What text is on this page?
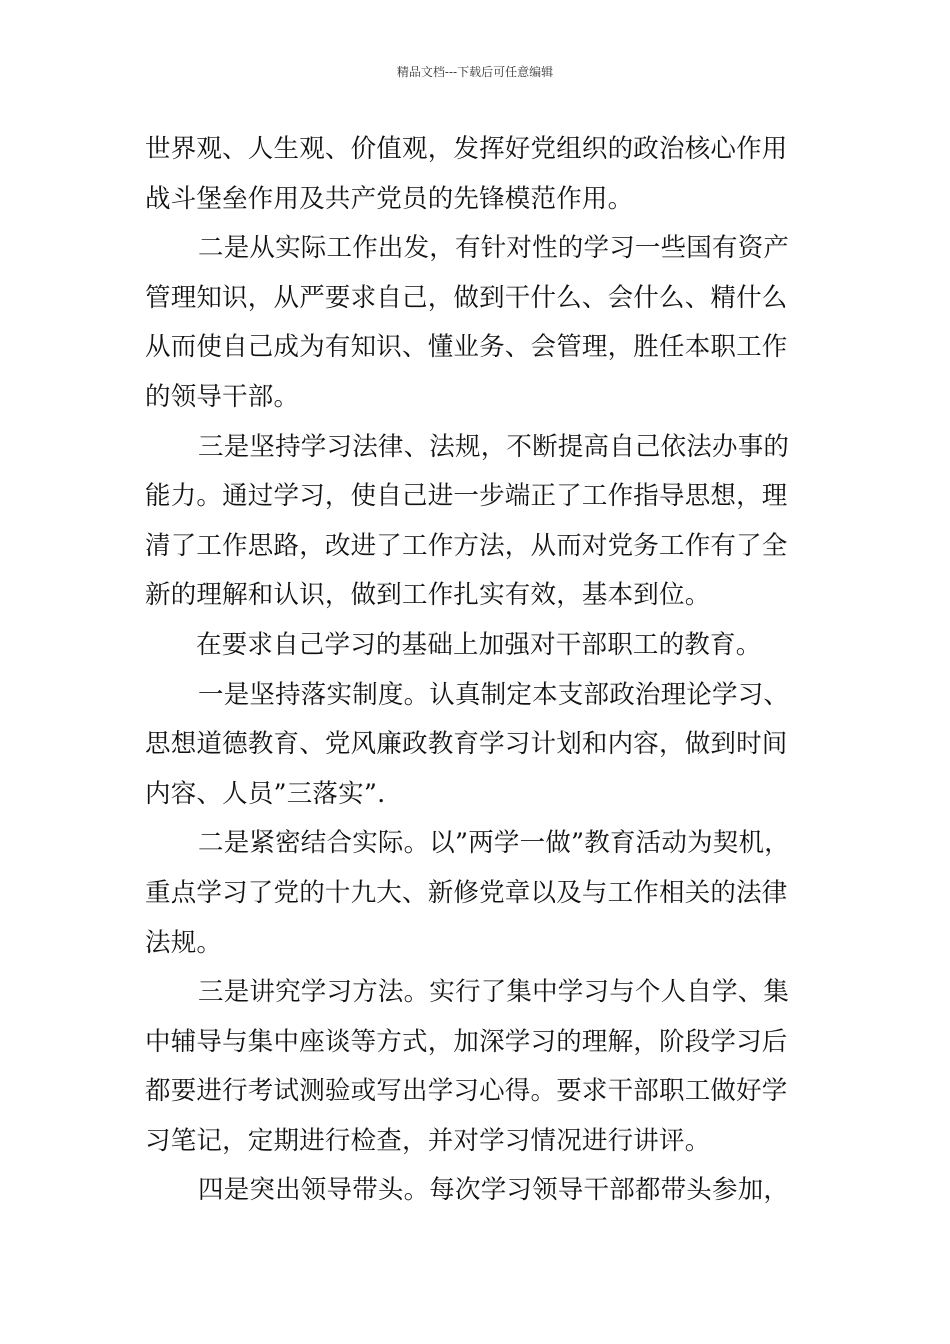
精品文档---下载后可任意编辑
世界观、人生观、价值观，发挥好党组织的政治核心作用
战斗堡垒作用及共产党员的先锋模范作用。
二是从实际工作出发，有针对性的学习一些国有资产
管理知识，从严要求自己，做到干什么、会什么、精什么
从而使自己成为有知识、懂业务、会管理，胜任本职工作
的领导干部。
三是坚持学习法律、法规，不断提高自己依法办事的
能力。通过学习，使自己进一步端正了工作指导思想，理
清了工作思路，改进了工作方法，从而对党务工作有了全
新的理解和认识，做到工作扎实有效，基本到位。
在要求自己学习的基础上加强对干部职工的教育。
一是坚持落实制度。认真制定本支部政治理论学习、
思想道德教育、党风廉政教育学习计划和内容，做到时间
内容、人员”三落实”.
二是紧密结合实际。以”两学一做”教育活动为契机，
重点学习了党的十九大、新修党章以及与工作相关的法律
法规。
三是讲究学习方法。实行了集中学习与个人自学、集
中辅导与集中座谈等方式，加深学习的理解，阶段学习后
都要进行考试测验或写出学习心得。要求干部职工做好学
习笔记，定期进行检查，并对学习情况进行讲评。
四是突出领导带头。每次学习领导干部都带头参加，
